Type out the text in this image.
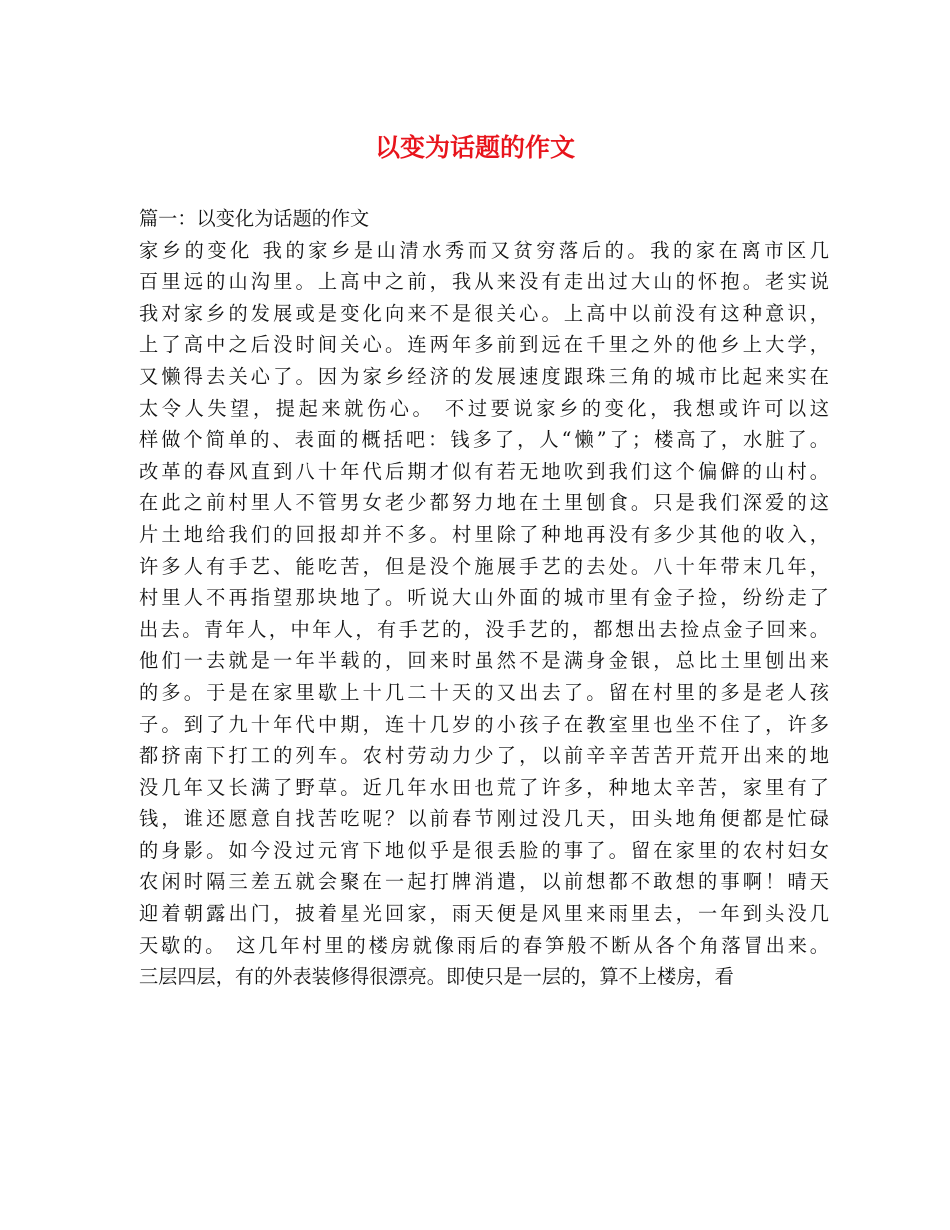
以变为话题的作文
篇一：以变化为话题的作文
家乡的变化 我的家乡是山清水秀而又贫穷落后的。我的家在离市区几
百里远的山沟里。上高中之前，我从来没有走出过大山的怀抱。老实说
我对家乡的发展或是变化向来不是很关心。上高中以前没有这种意识，
上了高中之后没时间关心。连两年多前到远在千里之外的他乡上大学，
又懒得去关心了。因为家乡经济的发展速度跟珠三角的城市比起来实在
太令人失望，提起来就伤心。 不过要说家乡的变化，我想或许可以这
样做个简单的、表面的概括吧：钱多了，人“懒”了；楼高了，水脏了。
改革的春风直到八十年代后期才似有若无地吹到我们这个偏僻的山村。
在此之前村里人不管男女老少都努力地在土里刨食。只是我们深爱的这
片土地给我们的回报却并不多。村里除了种地再没有多少其他的收入，
许多人有手艺、能吃苦，但是没个施展手艺的去处。八十年带末几年，
村里人不再指望那块地了。听说大山外面的城市里有金子捡，纷纷走了
出去。青年人，中年人，有手艺的，没手艺的，都想出去捡点金子回来。
他们一去就是一年半载的，回来时虽然不是满身金银，总比土里刨出来
的多。于是在家里歇上十几二十天的又出去了。留在村里的多是老人孩
子。到了九十年代中期，连十几岁的小孩子在教室里也坐不住了，许多
都挤南下打工的列车。农村劳动力少了，以前辛辛苦苦开荒开出来的地
没几年又长满了野草。近几年水田也荒了许多，种地太辛苦，家里有了
钱，谁还愿意自找苦吃呢？以前春节刚过没几天，田头地角便都是忙碌
的身影。如今没过元宵下地似乎是很丢脸的事了。留在家里的农村妇女
农闲时隔三差五就会聚在一起打牌消遣，以前想都不敢想的事啊！晴天
迎着朝露出门，披着星光回家，雨天便是风里来雨里去，一年到头没几
天歇的。 这几年村里的楼房就像雨后的春笋般不断从各个角落冒出来。
三层四层，有的外表装修得很漂亮。即使只是一层的，算不上楼房，看
